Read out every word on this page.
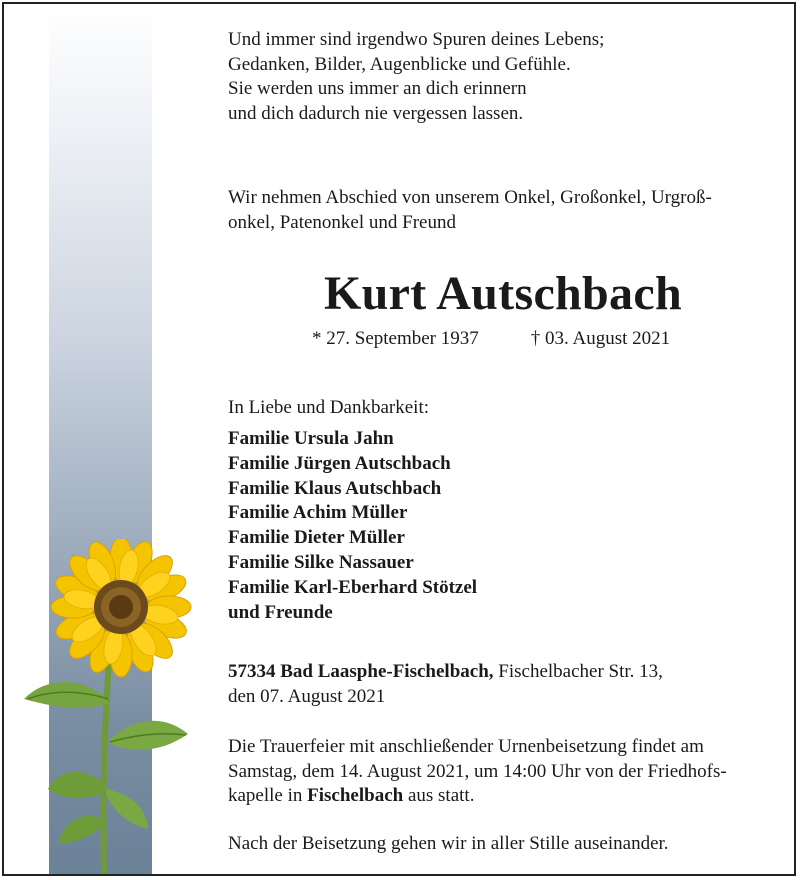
Und immer sind irgendwo Spuren deines Lebens;
Gedanken, Bilder, Augenblicke und Gefühle.
Sie werden uns immer an dich erinnern
und dich dadurch nie vergessen lassen.
Wir nehmen Abschied von unserem Onkel, Großonkel, Urgroß-
onkel, Patenonkel und Freund
Kurt Autschbach
* 27. September 1937	† 03. August 2021
In Liebe und Dankbarkeit:
Familie Ursula Jahn
Familie Jürgen Autschbach
Familie Klaus Autschbach
Familie Achim Müller
Familie Dieter Müller
Familie Silke Nassauer
Familie Karl-Eberhard Stötzel
und Freunde
57334 Bad Laasphe-Fischelbach, Fischelbacher Str. 13,
den 07. August 2021
Die Trauerfeier mit anschließender Urnenbeisetzung findet am
Samstag, dem 14. August 2021, um 14:00 Uhr von der Friedhofs-
kapelle in Fischelbach aus statt.
Nach der Beisetzung gehen wir in aller Stille auseinander.
